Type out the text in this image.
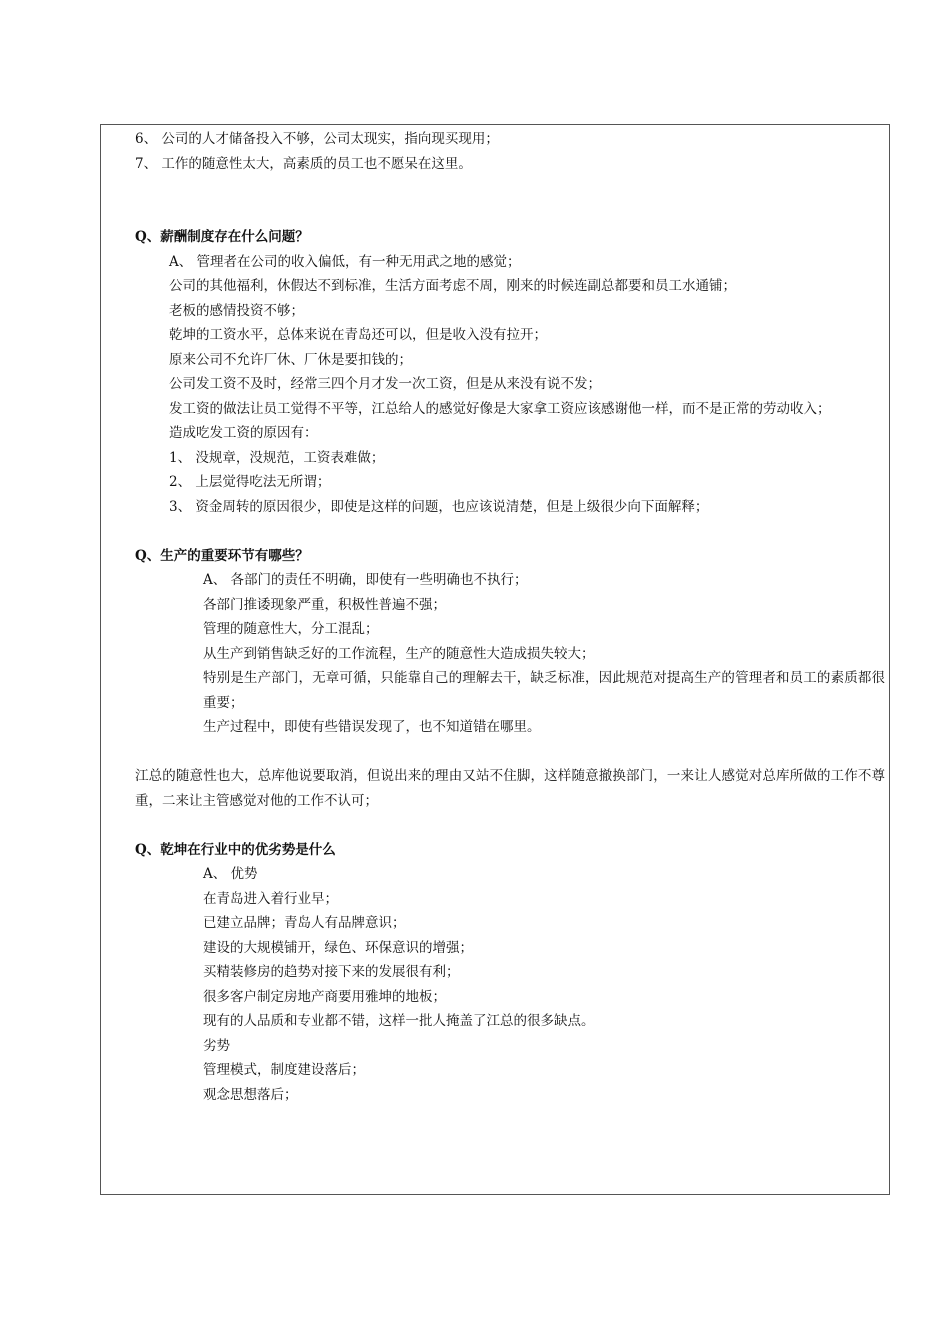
6、 公司的人才储备投入不够，公司太现实，指向现买现用；
7、 工作的随意性太大，高素质的员工也不愿呆在这里。
Q、薪酬制度存在什么问题？
A、 管理者在公司的收入偏低，有一种无用武之地的感觉；
公司的其他福利，休假达不到标准，生活方面考虑不周，刚来的时候连副总都要和员工水通铺；
老板的感情投资不够；
乾坤的工资水平，总体来说在青岛还可以，但是收入没有拉开；
原来公司不允许厂休、厂休是要扣钱的；
公司发工资不及时，经常三四个月才发一次工资，但是从来没有说不发；
发工资的做法让员工觉得不平等，江总给人的感觉好像是大家拿工资应该感谢他一样，而不是正常的劳动收入；
造成吃发工资的原因有：
1、 没规章，没规范，工资表难做；
2、 上层觉得吃法无所谓；
3、 资金周转的原因很少，即使是这样的问题，也应该说清楚，但是上级很少向下面解释；
Q、生产的重要环节有哪些？
A、 各部门的责任不明确，即使有一些明确也不执行；
各部门推诿现象严重，积极性普遍不强；
管理的随意性大，分工混乱；
从生产到销售缺乏好的工作流程，生产的随意性大造成损失较大；
特别是生产部门，无章可循，只能靠自己的理解去干，缺乏标准，因此规范对提高生产的管理者和员工的素质都很重要；
生产过程中，即使有些错误发现了，也不知道错在哪里。
江总的随意性也大，总库他说要取消，但说出来的理由又站不住脚，这样随意撤换部门，一来让人感觉对总库所做的工作不尊重，二来让主管感觉对他的工作不认可；
Q、乾坤在行业中的优劣势是什么
A、 优势
在青岛进入着行业早；
已建立品牌；青岛人有品牌意识；
建设的大规模铺开，绿色、环保意识的增强；
买精装修房的趋势对接下来的发展很有利；
很多客户制定房地产商要用雅坤的地板；
现有的人品质和专业都不错，这样一批人掩盖了江总的很多缺点。
劣势
管理模式，制度建设落后；
观念思想落后；
